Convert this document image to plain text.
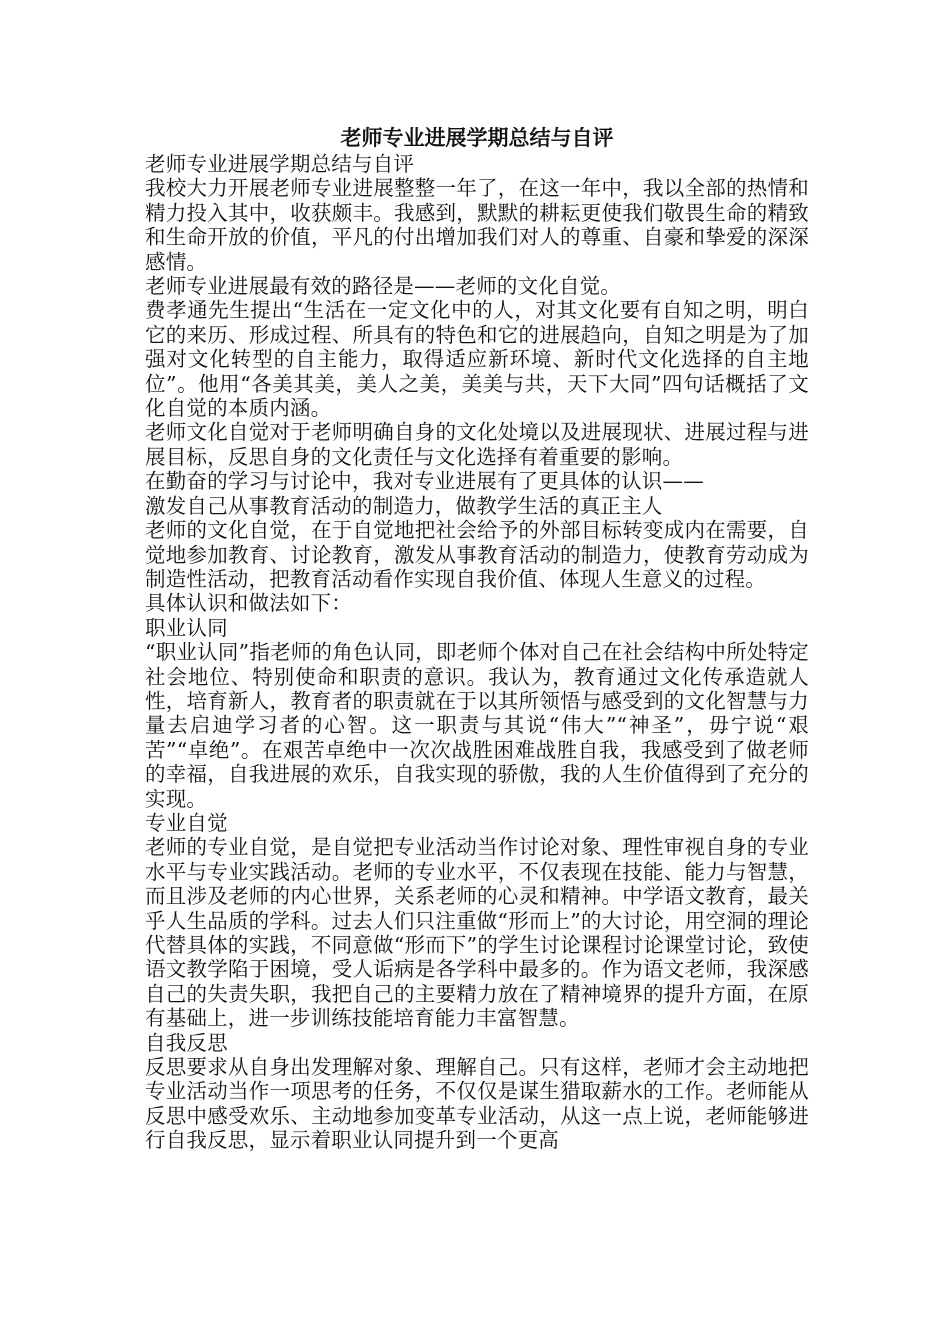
老师专业进展学期总结与自评

老师专业进展学期总结与自评

我校大力开展老师专业进展整整一年了，在这一年中，我以全部的热情和精力投入其中，收获颇丰。我感到，默默的耕耘更使我们敬畏生命的精致和生命开放的价值，平凡的付出增加我们对人的尊重、自豪和挚爱的深深感情。

老师专业进展最有效的路径是——老师的文化自觉。

费孝通先生提出“生活在一定文化中的人，对其文化要有自知之明，明白它的来历、形成过程、所具有的特色和它的进展趋向，自知之明是为了加强对文化转型的自主能力，取得适应新环境、新时代文化选择的自主地位”。他用“各美其美，美人之美，美美与共，天下大同”四句话概括了文化自觉的本质内涵。

老师文化自觉对于老师明确自身的文化处境以及进展现状、进展过程与进展目标，反思自身的文化责任与文化选择有着重要的影响。

在勤奋的学习与讨论中，我对专业进展有了更具体的认识——

激发自己从事教育活动的制造力，做教学生活的真正主人

老师的文化自觉，在于自觉地把社会给予的外部目标转变成内在需要，自觉地参加教育、讨论教育，激发从事教育活动的制造力，使教育劳动成为制造性活动，把教育活动看作实现自我价值、体现人生意义的过程。

具体认识和做法如下：

职业认同

“职业认同”指老师的角色认同，即老师个体对自己在社会结构中所处特定社会地位、特别使命和职责的意识。我认为，教育通过文化传承造就人性，培育新人，教育者的职责就在于以其所领悟与感受到的文化智慧与力量去启迪学习者的心智。这一职责与其说“伟大”“神圣”，毋宁说“艰苦”“卓绝”。在艰苦卓绝中一次次战胜困难战胜自我，我感受到了做老师的幸福，自我进展的欢乐，自我实现的骄傲，我的人生价值得到了充分的实现。

专业自觉

老师的专业自觉，是自觉把专业活动当作讨论对象、理性审视自身的专业水平与专业实践活动。老师的专业水平，不仅表现在技能、能力与智慧，而且涉及老师的内心世界，关系老师的心灵和精神。中学语文教育，最关乎人生品质的学科。过去人们只注重做“形而上”的大讨论，用空洞的理论代替具体的实践，不同意做“形而下”的学生讨论课程讨论课堂讨论，致使语文教学陷于困境，受人诟病是各学科中最多的。作为语文老师，我深感自己的失责失职，我把自己的主要精力放在了精神境界的提升方面，在原有基础上，进一步训练技能培育能力丰富智慧。

自我反思

反思要求从自身出发理解对象、理解自己。只有这样，老师才会主动地把专业活动当作一项思考的任务，不仅仅是谋生猎取薪水的工作。老师能从反思中感受欢乐、主动地参加变革专业活动，从这一点上说，老师能够进行自我反思，显示着职业认同提升到一个更高
